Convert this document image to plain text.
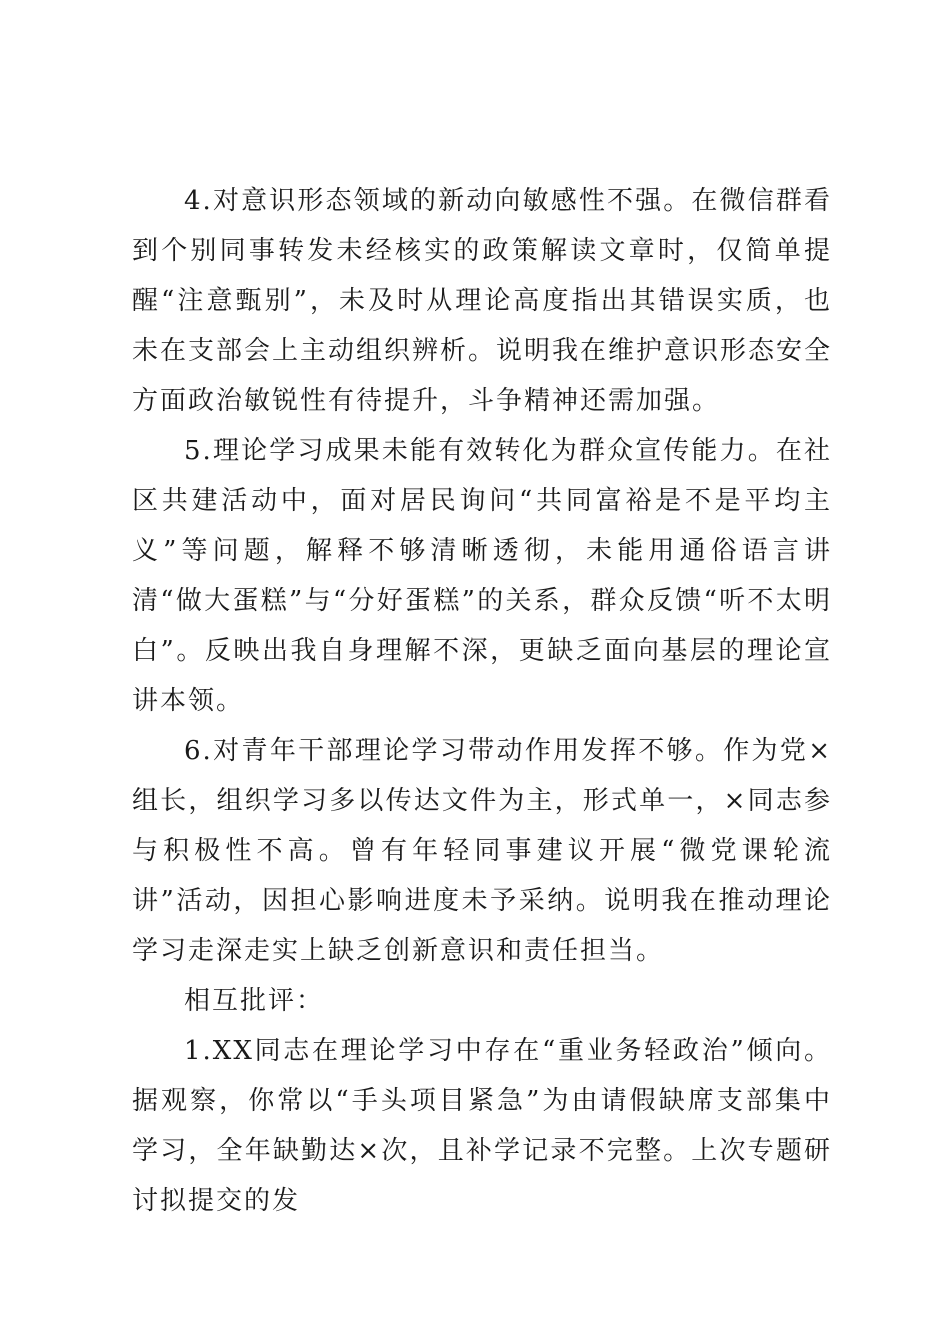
4.对意识形态领域的新动向敏感性不强。在微信群看到个别同事转发未经核实的政策解读文章时，仅简单提醒“注意甄别”，未及时从理论高度指出其错误实质，也未在支部会上主动组织辨析。说明我在维护意识形态安全方面政治敏锐性有待提升，斗争精神还需加强。

5.理论学习成果未能有效转化为群众宣传能力。在社区共建活动中，面对居民询问“共同富裕是不是平均主义”等问题，解释不够清晰透彻，未能用通俗语言讲清“做大蛋糕”与“分好蛋糕”的关系，群众反馈“听不太明白”。反映出我自身理解不深，更缺乏面向基层的理论宣讲本领。

6.对青年干部理论学习带动作用发挥不够。作为党×组长，组织学习多以传达文件为主，形式单一，×同志参与积极性不高。曾有年轻同事建议开展“微党课轮流讲”活动，因担心影响进度未予采纳。说明我在推动理论学习走深走实上缺乏创新意识和责任担当。

相互批评：

1.XX同志在理论学习中存在“重业务轻政治”倾向。据观察，你常以“手头项目紧急”为由请假缺席支部集中学习，全年缺勤达×次，且补学记录不完整。上次专题研讨拟提交的发
